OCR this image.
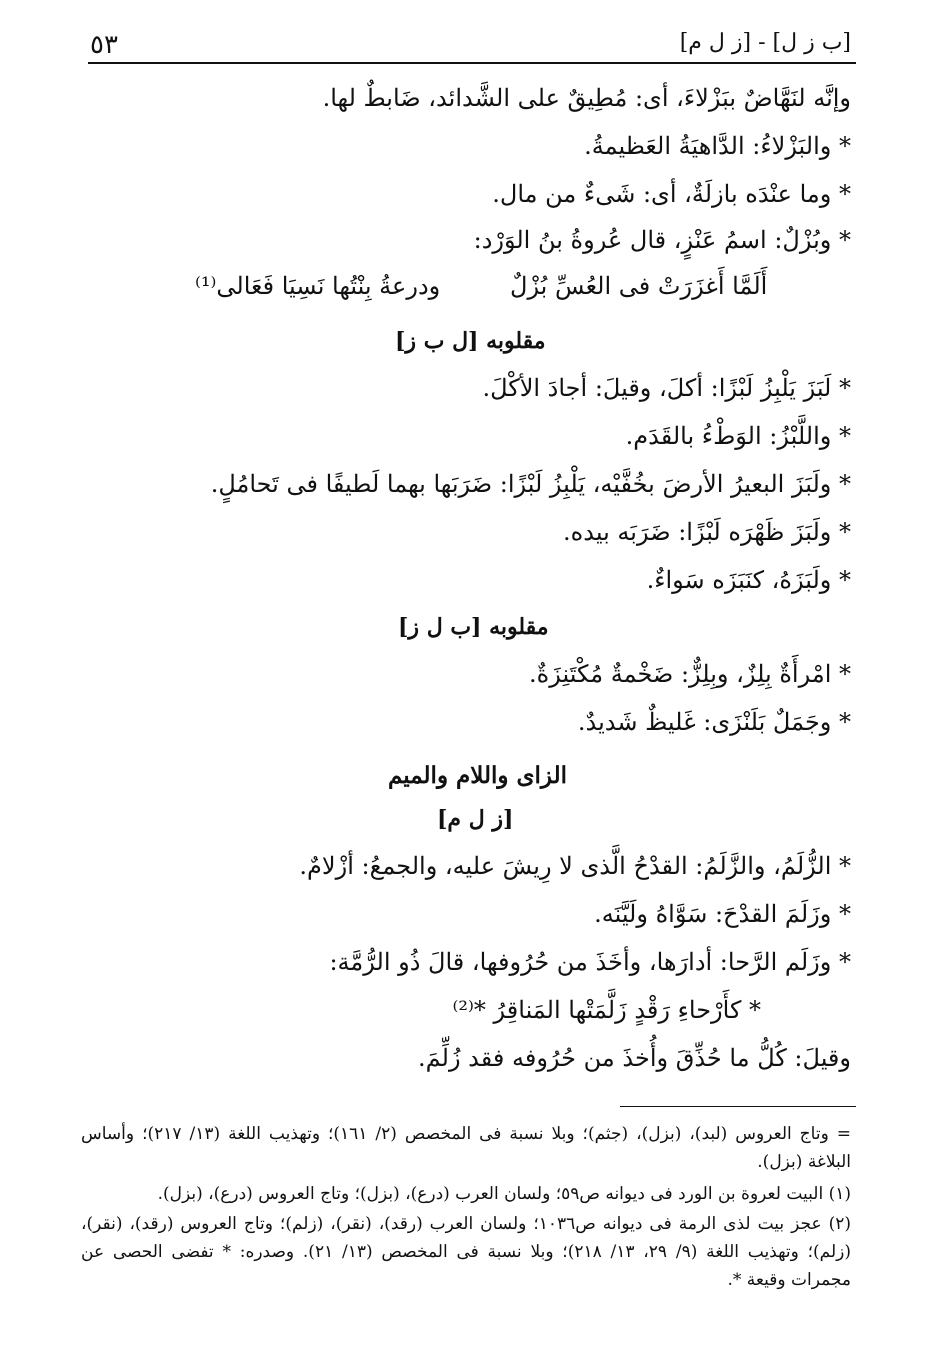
٥٣	[ب ز ل] - [ز ل م]
وإنَّه لنَهَّاضٌ ببَزْلاءَ، أى: مُطِيقٌ على الشَّدائد، ضَابطٌ لها.
* والبَزْلاءُ: الدَّاهيَةُ العَظيمةُ.
* وما عنْدَه بازلَةٌ، أى: شَىءٌ من مال.
* وبُزْلٌ: اسمُ عَنْزٍ، قال عُروةُ بنُ الوَرْد:
أَلَمَّا أَغزَرَتْ فى العُسِّ بُزْلٌ
ودرعةُ بِنْتُها نَسِيَا فَعَالى⁽¹⁾
مقلوبه [ل ب ز]
* لَبَزَ يَلْبِزُ لَبْزًا: أكلَ، وقيلَ: أجادَ الأكْلَ.
* واللَّبْزُ: الوَطْءُ بالقَدَم.
* ولَبَزَ البعيرُ الأرضَ بخُفَّيْه، يَلْبِزُ لَبْزًا: ضَرَبَها بهما لَطيفًا فى تَحامُلٍ.
* ولَبَزَ ظَهْرَه لَبْزًا: ضَرَبَه بيده.
* ولَبَزَهُ، كنَبَزَه سَواءٌ.
مقلوبه [ب ل ز]
* امْرأَةٌ بِلِزٌ، وبِلِزٌّ: ضَخْمةٌ مُكْتَنِزَةٌ.
* وجَمَلٌ بَلَنْزَى: غَليظٌ شَديدٌ.
الزاى واللام والميم
[ز ل م]
* الزُّلَمُ، والزَّلَمُ: القدْحُ الَّذى لا رِيشَ عليه، والجمعُ: أزْلامٌ.
* وزَلَمَ القدْحَ: سَوَّاهُ ولَيَّنَه.
* وزَلَم الرَّحا: أدارَها، وأخَذَ من حُرُوفها، قالَ ذُو الرُّمَّة:
* كأَرْحاءِ رَقْدٍ زَلَّمَتْها المَناقِرُ *⁽²⁾
وقيلَ: كُلُّ ما حُذِّقَ وأُخذَ من حُرُوفه فقد زُلِّمَ.
= وتاج العروس (لبد)، (بزل)، (جثم)؛ وبلا نسبة فى المخصص (٢/ ١٦١)؛ وتهذيب اللغة (١٣/ ٢١٧)؛ وأساس البلاغة (بزل).
(١) البيت لعروة بن الورد فى ديوانه ص٥٩؛ ولسان العرب (درع)، (بزل)؛ وتاج العروس (درع)، (بزل).
(٢) عجز بيت لذى الرمة فى ديوانه ص١٠٣٦؛ ولسان العرب (رقد)، (نقر)، (زلم)؛ وتاج العروس (رقد)، (نقر)، (زلم)؛ وتهذيب اللغة (٩/ ٢٩، ١٣/ ٢١٨)؛ وبلا نسبة فى المخصص (١٣/ ٢١). وصدره: * تفضى الحصى عن مجمرات وقيعة *.
